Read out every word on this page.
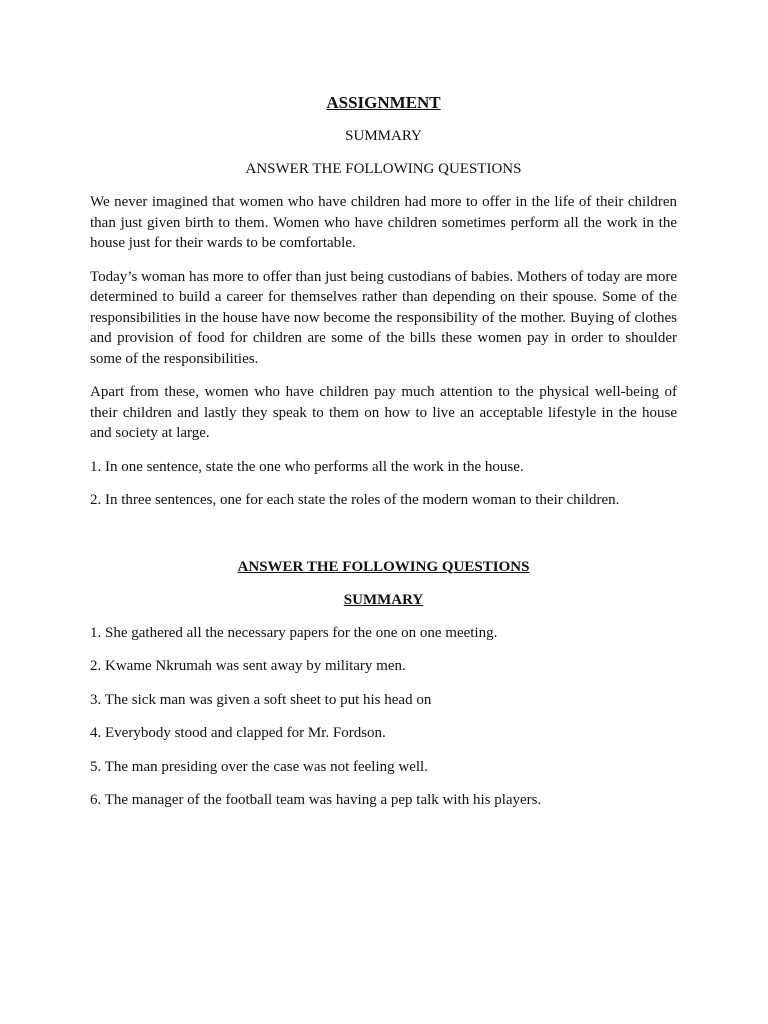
ASSIGNMENT
SUMMARY
ANSWER THE FOLLOWING QUESTIONS

We never imagined that women who have children had more to offer in the life of their children than just given birth to them. Women who have children sometimes perform all the work in the house just for their wards to be comfortable.

Today’s woman has more to offer than just being custodians of babies. Mothers of today are more determined to build a career for themselves rather than depending on their spouse. Some of the responsibilities in the house have now become the responsibility of the mother. Buying of clothes and provision of food for children are some of the bills these women pay in order to shoulder some of the responsibilities.

Apart from these, women who have children pay much attention to the physical well-being of their children and lastly they speak to them on how to live an acceptable lifestyle in the house and society at large.

1. In one sentence, state the one who performs all the work in the house.
2. In three sentences, one for each state the roles of the modern woman to their children.
ANSWER THE FOLLOWING QUESTIONS
SUMMARY
1. She gathered all the necessary papers for the one on one meeting.
2. Kwame Nkrumah was sent away by military men.
3. The sick man was given a soft sheet to put his head on
4. Everybody stood and clapped for Mr. Fordson.
5. The man presiding over the case was not feeling well.
6. The manager of the football team was having a pep talk with his players.
